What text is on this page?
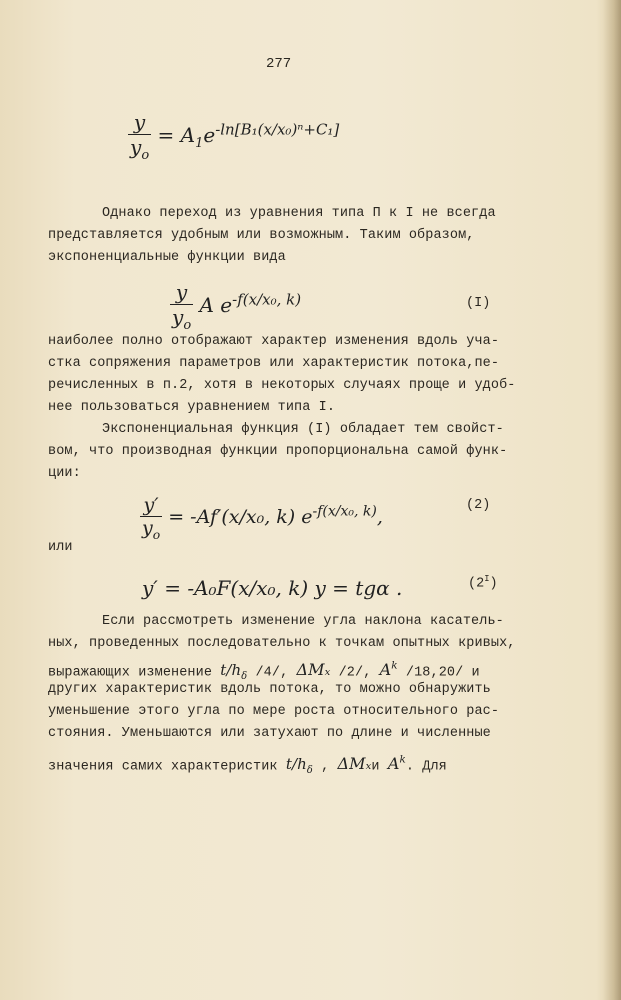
277
$\frac{y}{y_o} = A_1e^{-ln[B_1(x/x_0)^n+C_1]}$
Однако переход из уравнения типа П к I не всегда
представляется удобным или возможным. Таким образом,
экспоненциальные функции вида
$\frac{y}{y_o}$ A $e^{-f(x/x_0, k)}$	(I)
наиболее полно отображают характер изменения вдоль уча-
стка сопряжения параметров или характеристик потока,пе-
речисленных в п.2, хотя в некоторых случаях проще и удоб-
нее пользоваться уравнением типа I.
Экспоненциальная функция (I) обладает тем свойст-
вом, что производная функции пропорциональна самой функ-
ции:
$\frac{y'}{y_o} = -Af'(x/x_0$, k) $e^{-f(x/x_0, k)}$,
(2)
или
y′ = -A₀F(x/x₀, k) y = tgα .	$(2^I)$
Если рассмотреть изменение угла наклона касатель-
ных, проведенных последовательно к точкам опытных кривых,
выражающих изменение $t/h_\delta$ /4/, ΔMₓ /2/, $A^k$ /18,20/ и
других характеристик вдоль потока, то можно обнаружить
уменьшение этого угла по мере роста относительного рас-
стояния. Уменьшаются или затухают по длине и численные
значения самих характеристик $t/h_\delta$ , ΔMₓи $A^k$. Для
